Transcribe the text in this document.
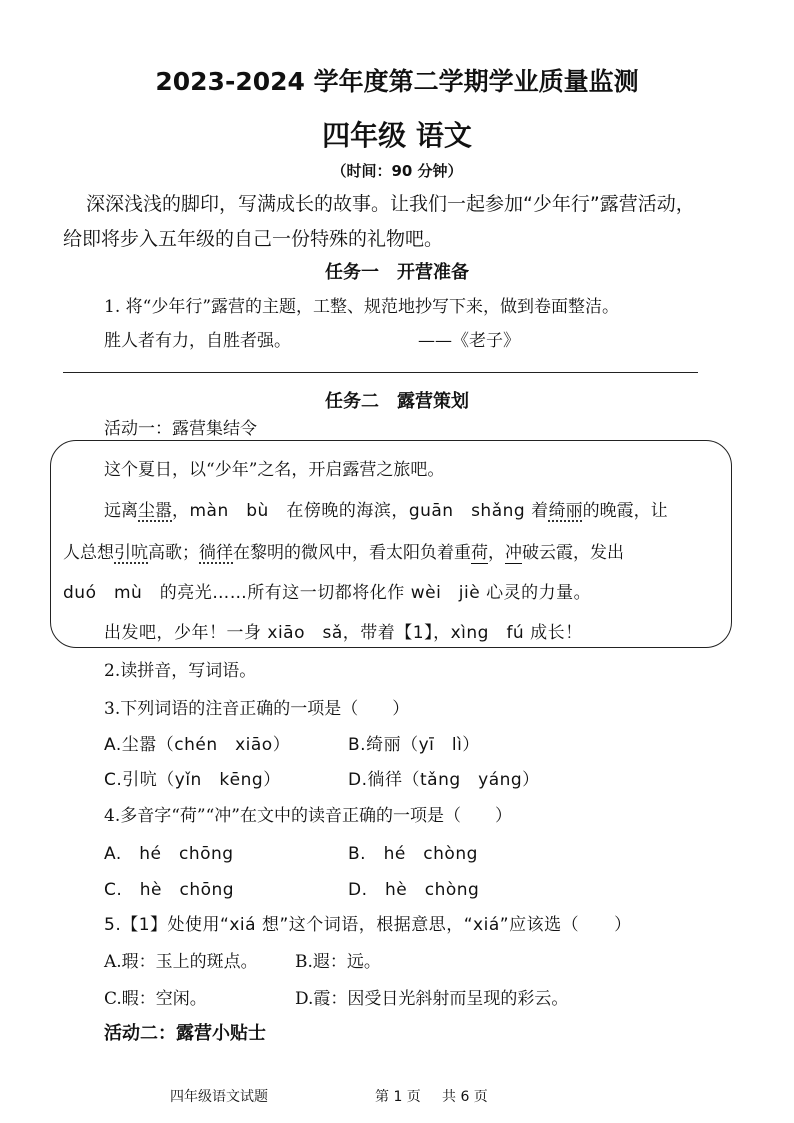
2023-2024 学年度第二学期学业质量监测
四年级 语文
（时间：90 分钟）
深深浅浅的脚印，写满成长的故事。让我们一起参加“少年行”露营活动，
给即将步入五年级的自己一份特殊的礼物吧。
任务一　开营准备
1. 将“少年行”露营的主题，工整、规范地抄写下来，做到卷面整洁。
胜人者有力，自胜者强。	——《老子》
任务二　露营策划
活动一：露营集结令
这个夏日，以“少年”之名，开启露营之旅吧。
远离尘嚣，màn　bù　在傍晚的海滨，guān　shǎng 着绮丽的晚霞，让
人总想引吭高歌；徜徉在黎明的微风中，看太阳负着重荷，冲破云霞，发出
duó　mù　的亮光……所有这一切都将化作 wèi　jiè 心灵的力量。
出发吧，少年！一身 xiāo　sǎ，带着【1】，xìng　fú 成长！
2.读拼音，写词语。
3.下列词语的注音正确的一项是（　　）
A.尘嚣（chén　xiāo）	B.绮丽（yī　lì）
C.引吭（yǐn　kēng）	D.徜徉（tǎng　yáng）
4.多音字“荷”“冲”在文中的读音正确的一项是（　　）
A.　hé　chōng	B.　hé　chòng
C.　hè　chōng	D.　hè　chòng
5.【1】处使用“xiá 想”这个词语，根据意思，“xiá”应该选（　　）
A.瑕：玉上的斑点。 B.遐：远。
C.暇：空闲。	D.霞：因受日光斜射而呈现的彩云。
活动二：露营小贴士
四年级语文试题	第 1 页 共 6 页
